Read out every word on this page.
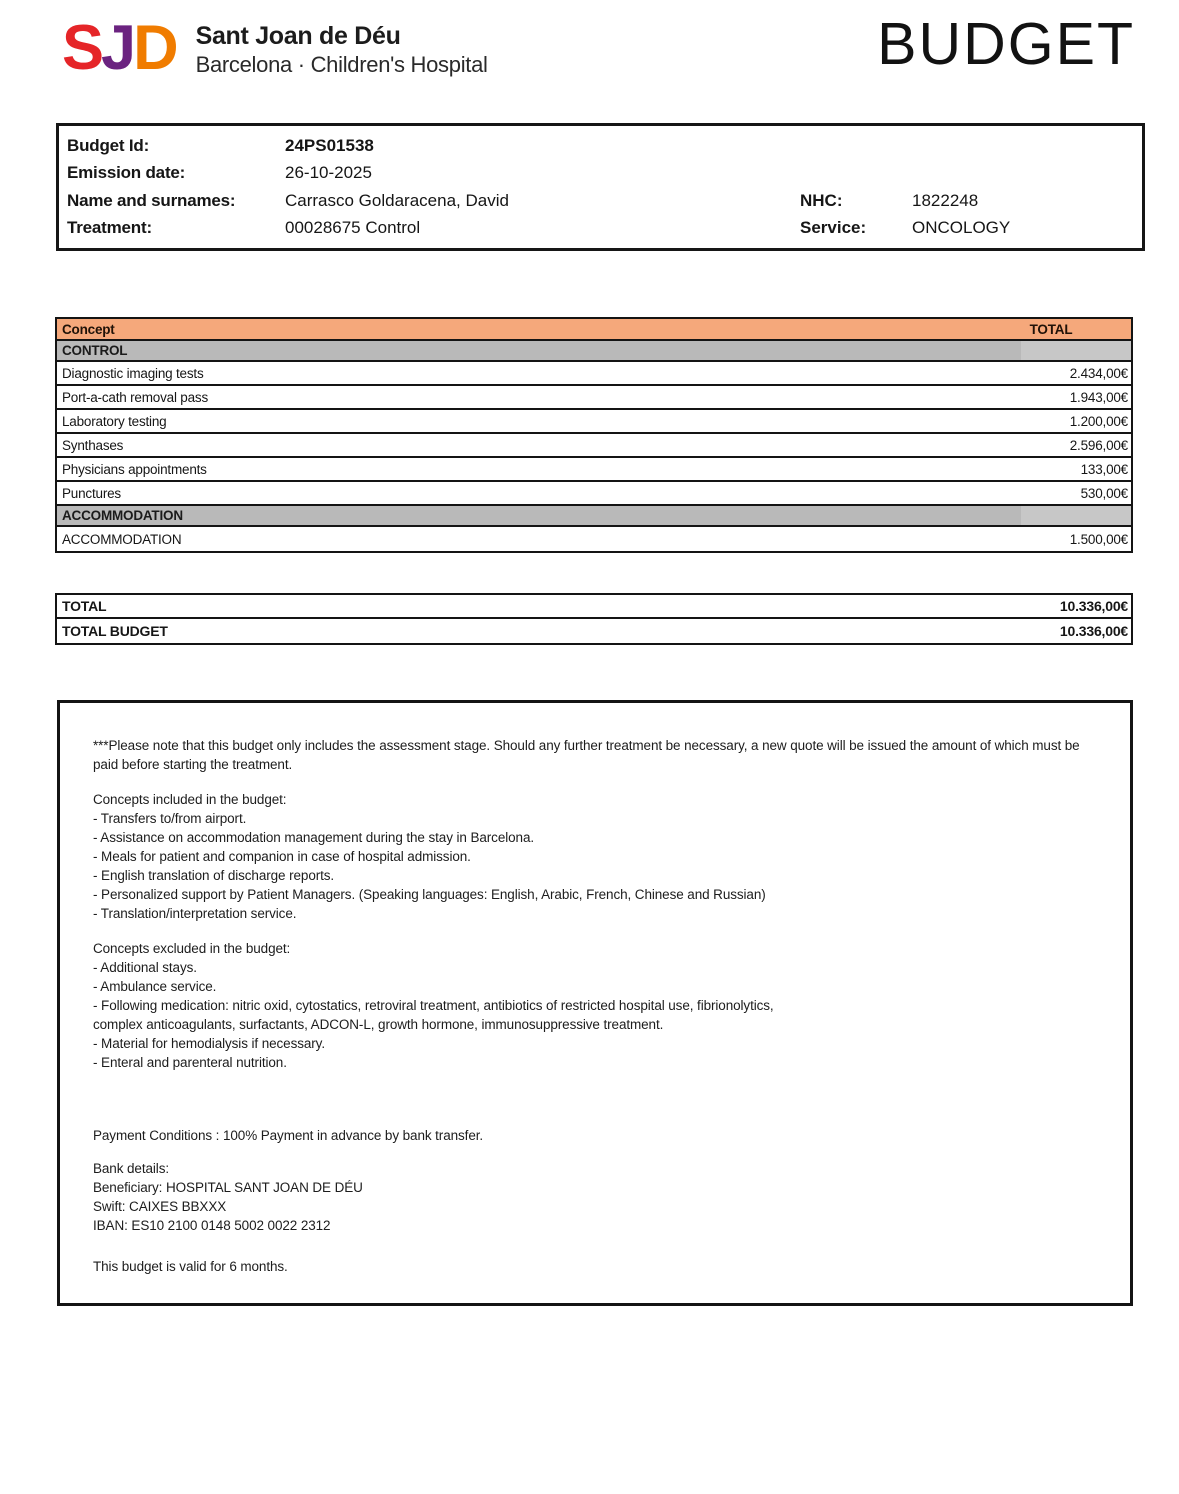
SJD Sant Joan de Déu
Barcelona · Children's Hospital	BUDGET
Budget Id:	24PS01538
Emission date:	26-10-2025
Name and surnames:	Carrasco Goldaracena, David	NHC:	1822248
Treatment:	00028675 Control	Service:	ONCOLOGY
Concept	TOTAL
CONTROL
Diagnostic imaging tests	2.434,00€
Port-a-cath removal pass	1.943,00€
Laboratory testing	1.200,00€
Synthases	2.596,00€
Physicians appointments	133,00€
Punctures	530,00€
ACCOMMODATION
ACCOMMODATION	1.500,00€
TOTAL	10.336,00€
TOTAL BUDGET	10.336,00€
***Please note that this budget only includes the assessment stage. Should any further treatment be necessary, a new quote will be issued the amount of which must be paid before starting the treatment.
Concepts included in the budget:
- Transfers to/from airport.
- Assistance on accommodation management during the stay in Barcelona.
- Meals for patient and companion in case of hospital admission.
- English translation of discharge reports.
- Personalized support by Patient Managers. (Speaking languages: English, Arabic, French, Chinese and Russian)
- Translation/interpretation service.
Concepts excluded in the budget:
- Additional stays.
- Ambulance service.
- Following medication: nitric oxid, cytostatics, retroviral treatment, antibiotics of restricted hospital use, fibrionolytics,
complex anticoagulants, surfactants, ADCON-L, growth hormone, immunosuppressive treatment.
- Material for hemodialysis if necessary.
- Enteral and parenteral nutrition.
Payment Conditions : 100% Payment in advance by bank transfer.
Bank details:
Beneficiary: HOSPITAL SANT JOAN DE DÉU
Swift: CAIXES BBXXX
IBAN: ES10 2100 0148 5002 0022 2312
This budget is valid for 6 months.
